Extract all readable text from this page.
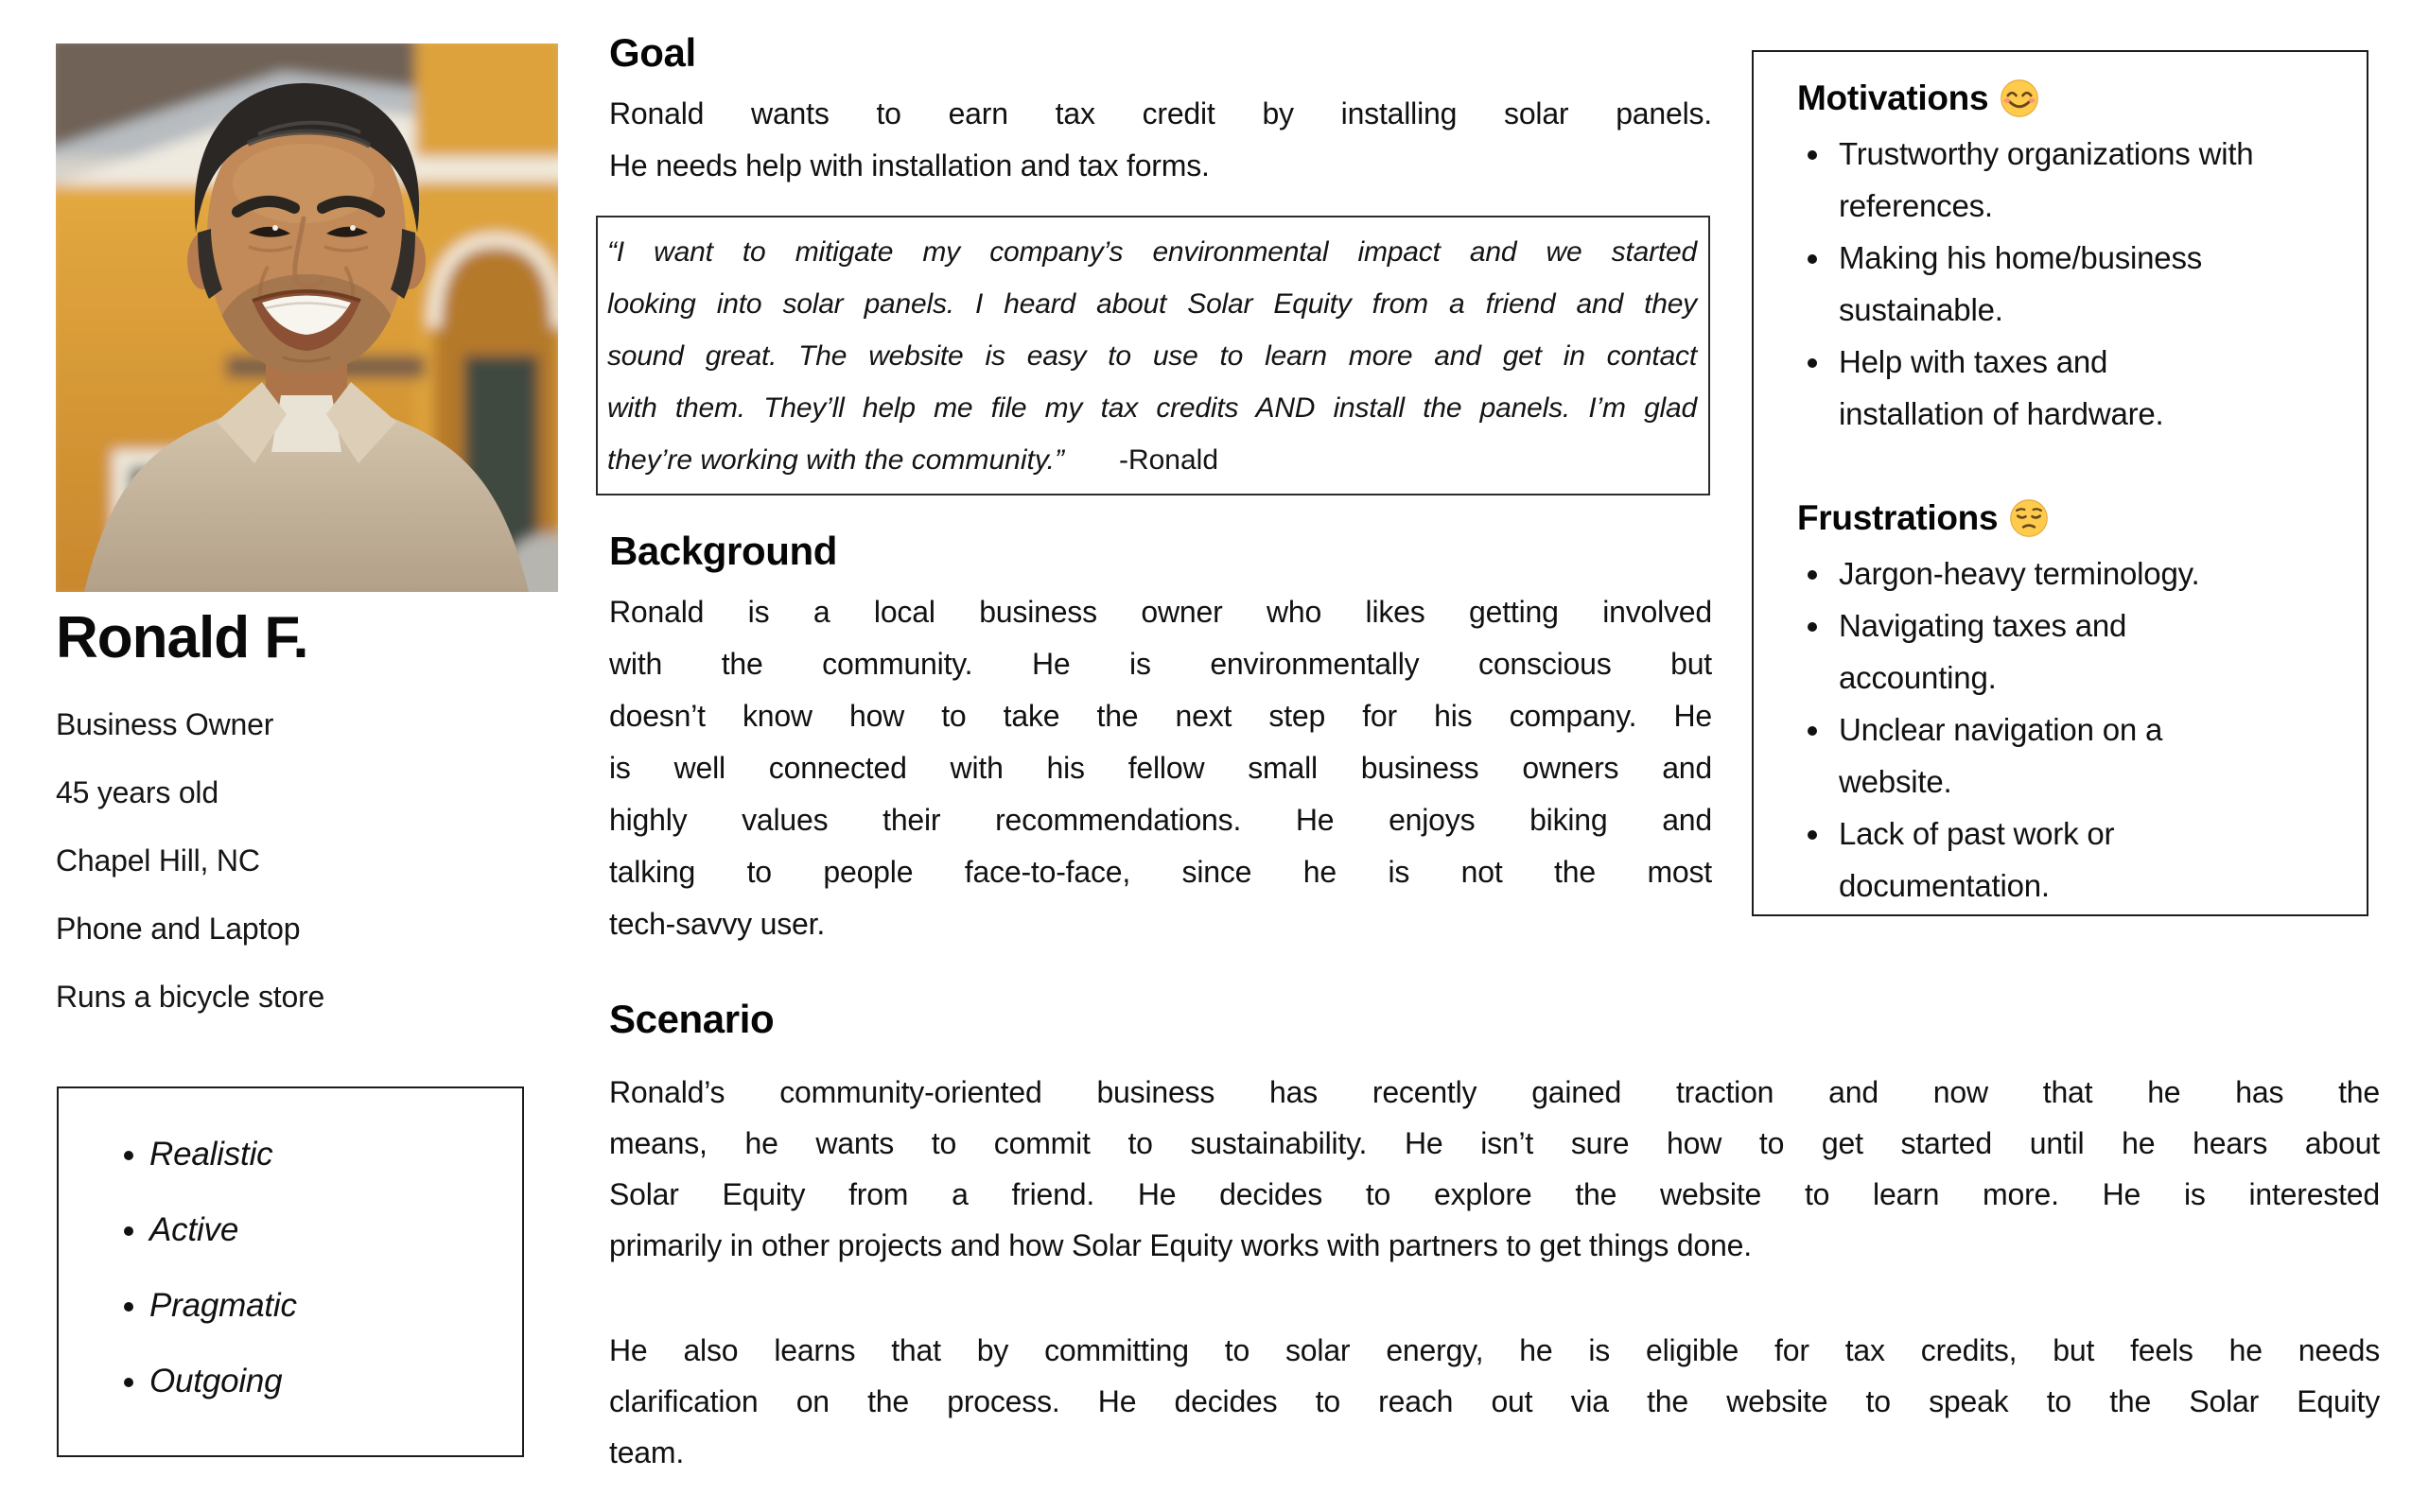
Ronald F.
Business Owner
45 years old
Chapel Hill, NC
Phone and Laptop
Runs a bicycle store
• Realistic
• Active
• Pragmatic
• Outgoing
Goal
Ronald wants to earn tax credit by installing solar panels.
He needs help with installation and tax forms.
“I want to mitigate my company’s environmental impact and we started
looking into solar panels. I heard about Solar Equity from a friend and they
sound great. The website is easy to use to learn more and get in contact
with them. They’ll help me file my tax credits AND install the panels. I’m glad
they’re working with the community.” -Ronald
Background
Ronald is a local business owner who likes getting involved
with the community. He is environmentally conscious but
doesn’t know how to take the next step for his company. He
is well connected with his fellow small business owners and
highly values their recommendations. He enjoys biking and
talking to people face-to-face, since he is not the most
tech-savvy user.
Scenario
Ronald’s community-oriented business has recently gained traction and now that he has the
means, he wants to commit to sustainability. He isn’t sure how to get started until he hears about
Solar Equity from a friend. He decides to explore the website to learn more. He is interested
primarily in other projects and how Solar Equity works with partners to get things done.
He also learns that by committing to solar energy, he is eligible for tax credits, but feels he needs
clarification on the process. He decides to reach out via the website to speak to the Solar Equity
team.
Motivations
• Trustworthy organizations with references.
• Making his home/business sustainable.
• Help with taxes and installation of hardware.
Frustrations
• Jargon-heavy terminology.
• Navigating taxes and accounting.
• Unclear navigation on a website.
• Lack of past work or documentation.
